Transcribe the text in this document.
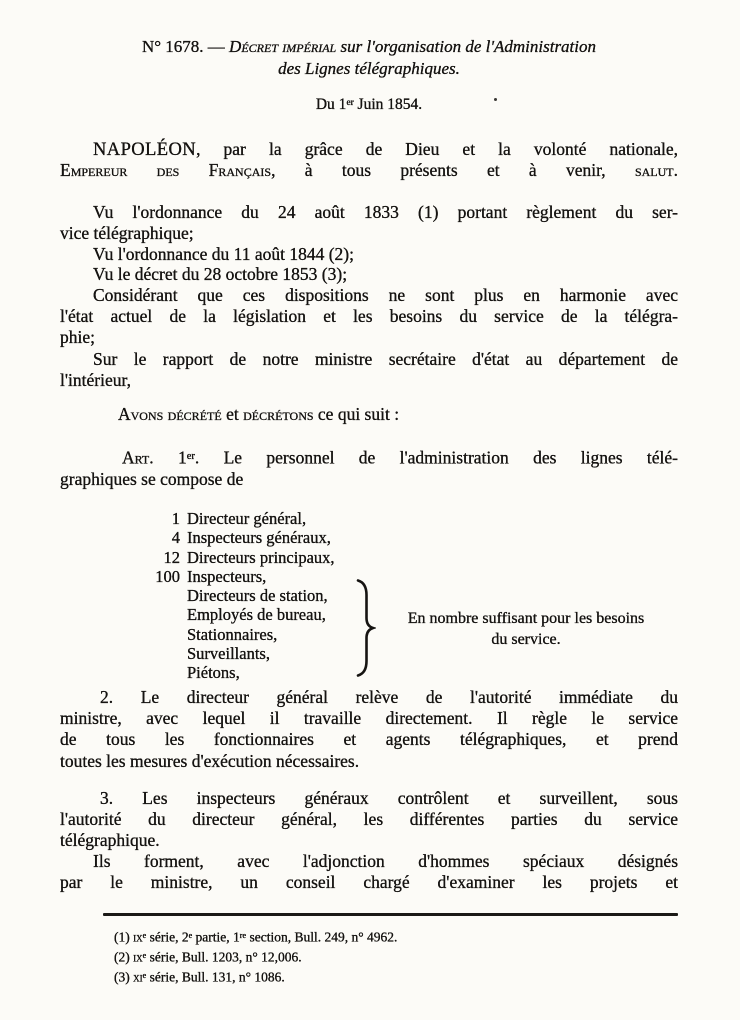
N° 1678. — Décret impérial sur l'organisation de l'Administration
des Lignes télégraphiques.
Du 1er Juin 1854.
NAPOLÉON, par la grâce de Dieu et la volonté nationale,
Empereur des Français, à tous présents et à venir, salut.
Vu l'ordonnance du 24 août 1833 (1) portant règlement du ser-
vice télégraphique;
Vu l'ordonnance du 11 août 1844 (2);
Vu le décret du 28 octobre 1853 (3);
Considérant que ces dispositions ne sont plus en harmonie avec
l'état actuel de la législation et les besoins du service de la télégra-
phie;
Sur le rapport de notre ministre secrétaire d'état au département de
l'intérieur,
Avons décrété et décrétons ce qui suit :
Art. 1er. Le personnel de l'administration des lignes télé-
graphiques se compose de
1 Directeur général,
4 Inspecteurs généraux,
12 Directeurs principaux,
100 Inspecteurs,
Directeurs de station,
Employés de bureau,
Stationnaires,
Surveillants,
Piétons,
En nombre suffisant pour les besoins
du service.
2. Le directeur général relève de l'autorité immédiate du
ministre, avec lequel il travaille directement. Il règle le service
de tous les fonctionnaires et agents télégraphiques, et prend
toutes les mesures d'exécution nécessaires.
3. Les inspecteurs généraux contrôlent et surveillent, sous
l'autorité du directeur général, les différentes parties du service
télégraphique.
Ils forment, avec l'adjonction d'hommes spéciaux désignés
par le ministre, un conseil chargé d'examiner les projets et
(1) $ix^e$ série, 2e partie, 1re section, Bull. 249, n° 4962.
(2) $ix^e$ série, Bull. 1203, n° 12,006.
(3) $xi^e$ série, Bull. 131, n° 1086.
